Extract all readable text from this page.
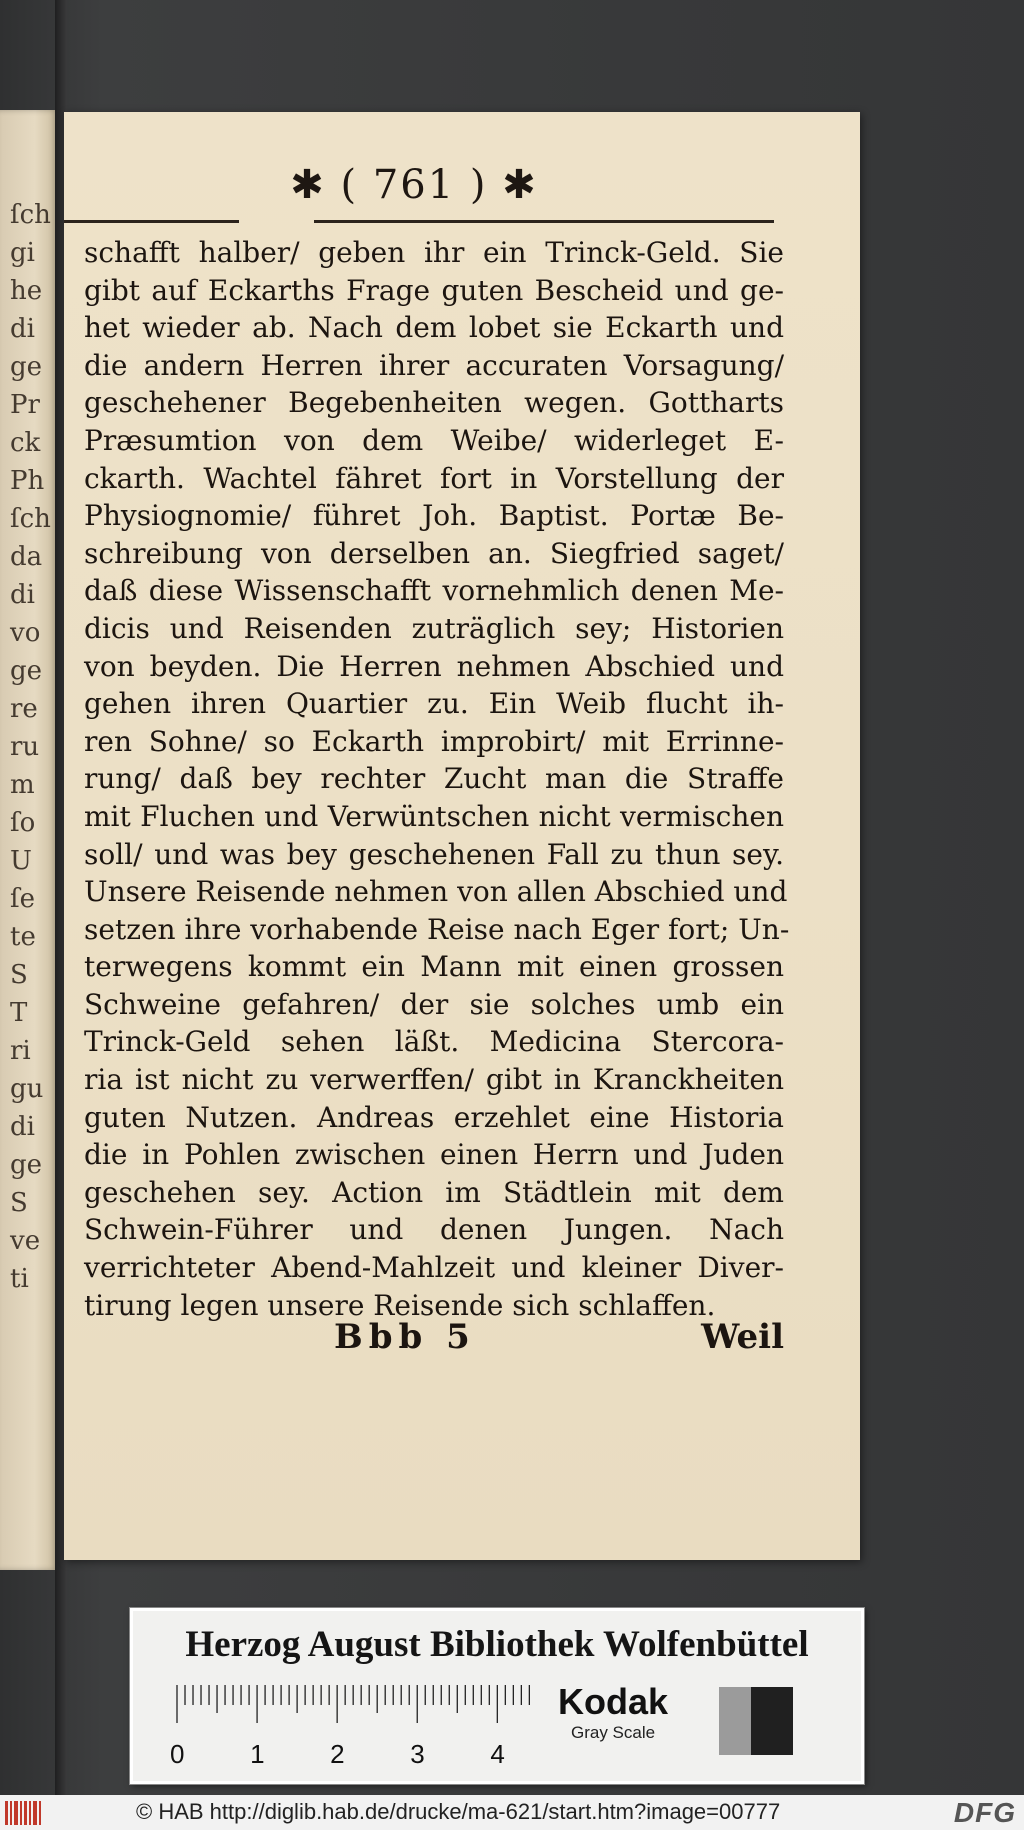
ſch
gi
he
di
ge
Pr
ck
Ph
ſch
da
di
vo
ge
re
ru
m
ſo
U
ſe
te
S
T
ri
gu
di
ge
S
ve
ti
✱ ( 761 ) ✱
schafft halber/ geben ihr ein Trinck-Geld. Sie
gibt auf Eckarths Frage guten Bescheid und ge-
het wieder ab. Nach dem lobet sie Eckarth und
die andern Herren ihrer accuraten Vorsagung/
geschehener Begebenheiten wegen. Gottharts
Præsumtion von dem Weibe/ widerleget E-
ckarth. Wachtel fähret fort in Vorstellung der
Physiognomie/ führet Joh. Baptist. Portæ Be-
schreibung von derselben an. Siegfried saget/
daß diese Wissenschafft vornehmlich denen Me-
dicis und Reisenden zuträglich sey; Historien
von beyden. Die Herren nehmen Abschied und
gehen ihren Quartier zu. Ein Weib flucht ih-
ren Sohne/ so Eckarth improbirt/ mit Errinne-
rung/ daß bey rechter Zucht man die Straffe
mit Fluchen und Verwüntschen nicht vermischen
soll/ und was bey geschehenen Fall zu thun sey.
Unsere Reisende nehmen von allen Abschied und
setzen ihre vorhabende Reise nach Eger fort; Un-
terwegens kommt ein Mann mit einen grossen
Schweine gefahren/ der sie solches umb ein
Trinck-Geld sehen läßt. Medicina Stercora-
ria ist nicht zu verwerffen/ gibt in Kranckheiten
guten Nutzen. Andreas erzehlet eine Historia
die in Pohlen zwischen einen Herrn und Juden
geschehen sey. Action im Städtlein mit dem
Schwein-Führer und denen Jungen. Nach
verrichteter Abend-Mahlzeit und kleiner Diver-
tirung legen unsere Reisende sich schlaffen.
Bbb 5	Weil
Herzog August Bibliothek Wolfenbüttel
0	1	2	3	4
Kodak
Gray Scale
© HAB http://diglib.hab.de/drucke/ma-621/start.htm?image=00777	DFG
